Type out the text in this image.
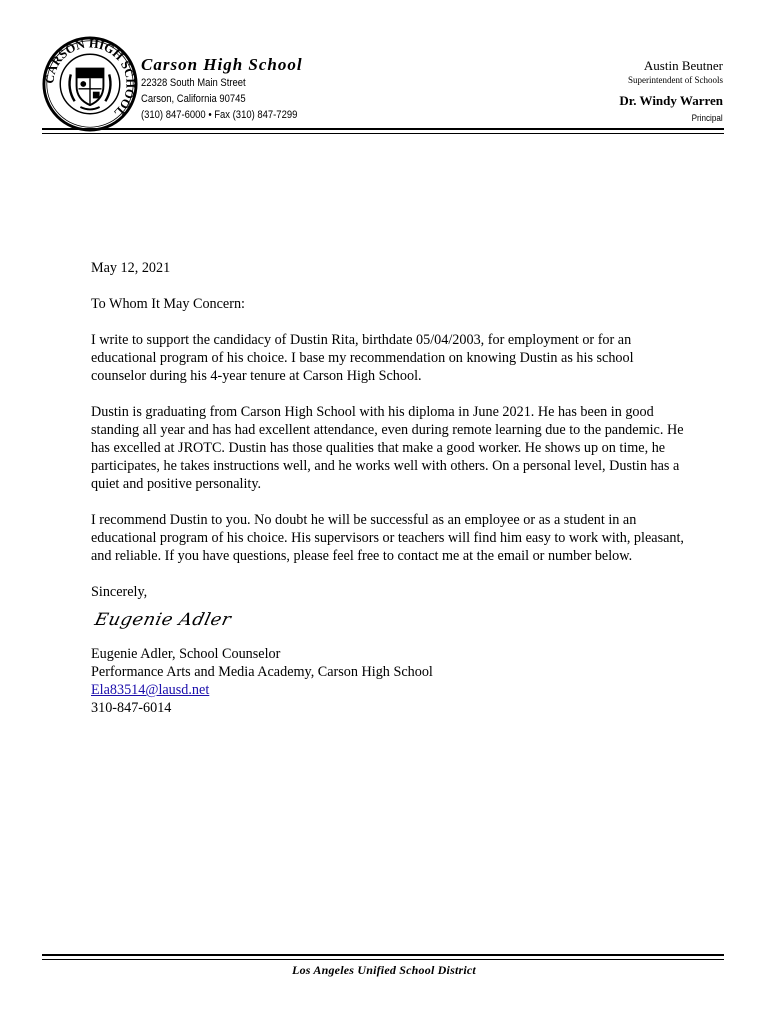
CARSON HIGH SCHOOL
Carson High School
22328 South Main Street
Carson, California 90745
(310) 847-6000 • Fax (310) 847-7299
Austin Beutner
Superintendent of Schools
Dr. Windy Warren
Principal

May 12, 2021

To Whom It May Concern:

I write to support the candidacy of Dustin Rita, birthdate 05/04/2003, for employment or for an educational program of his choice. I base my recommendation on knowing Dustin as his school counselor during his 4-year tenure at Carson High School.

Dustin is graduating from Carson High School with his diploma in June 2021. He has been in good standing all year and has had excellent attendance, even during remote learning due to the pandemic. He has excelled at JROTC. Dustin has those qualities that make a good worker. He shows up on time, he participates, he takes instructions well, and he works well with others. On a personal level, Dustin has a quiet and positive personality.

I recommend Dustin to you. No doubt he will be successful as an employee or as a student in an educational program of his choice. His supervisors or teachers will find him easy to work with, pleasant, and reliable. If you have questions, please feel free to contact me at the email or number below.

Sincerely,

Eugenie Adler
Eugenie Adler, School Counselor
Performance Arts and Media Academy, Carson High School
Ela83514@lausd.net
310-847-6014
Los Angeles Unified School District
